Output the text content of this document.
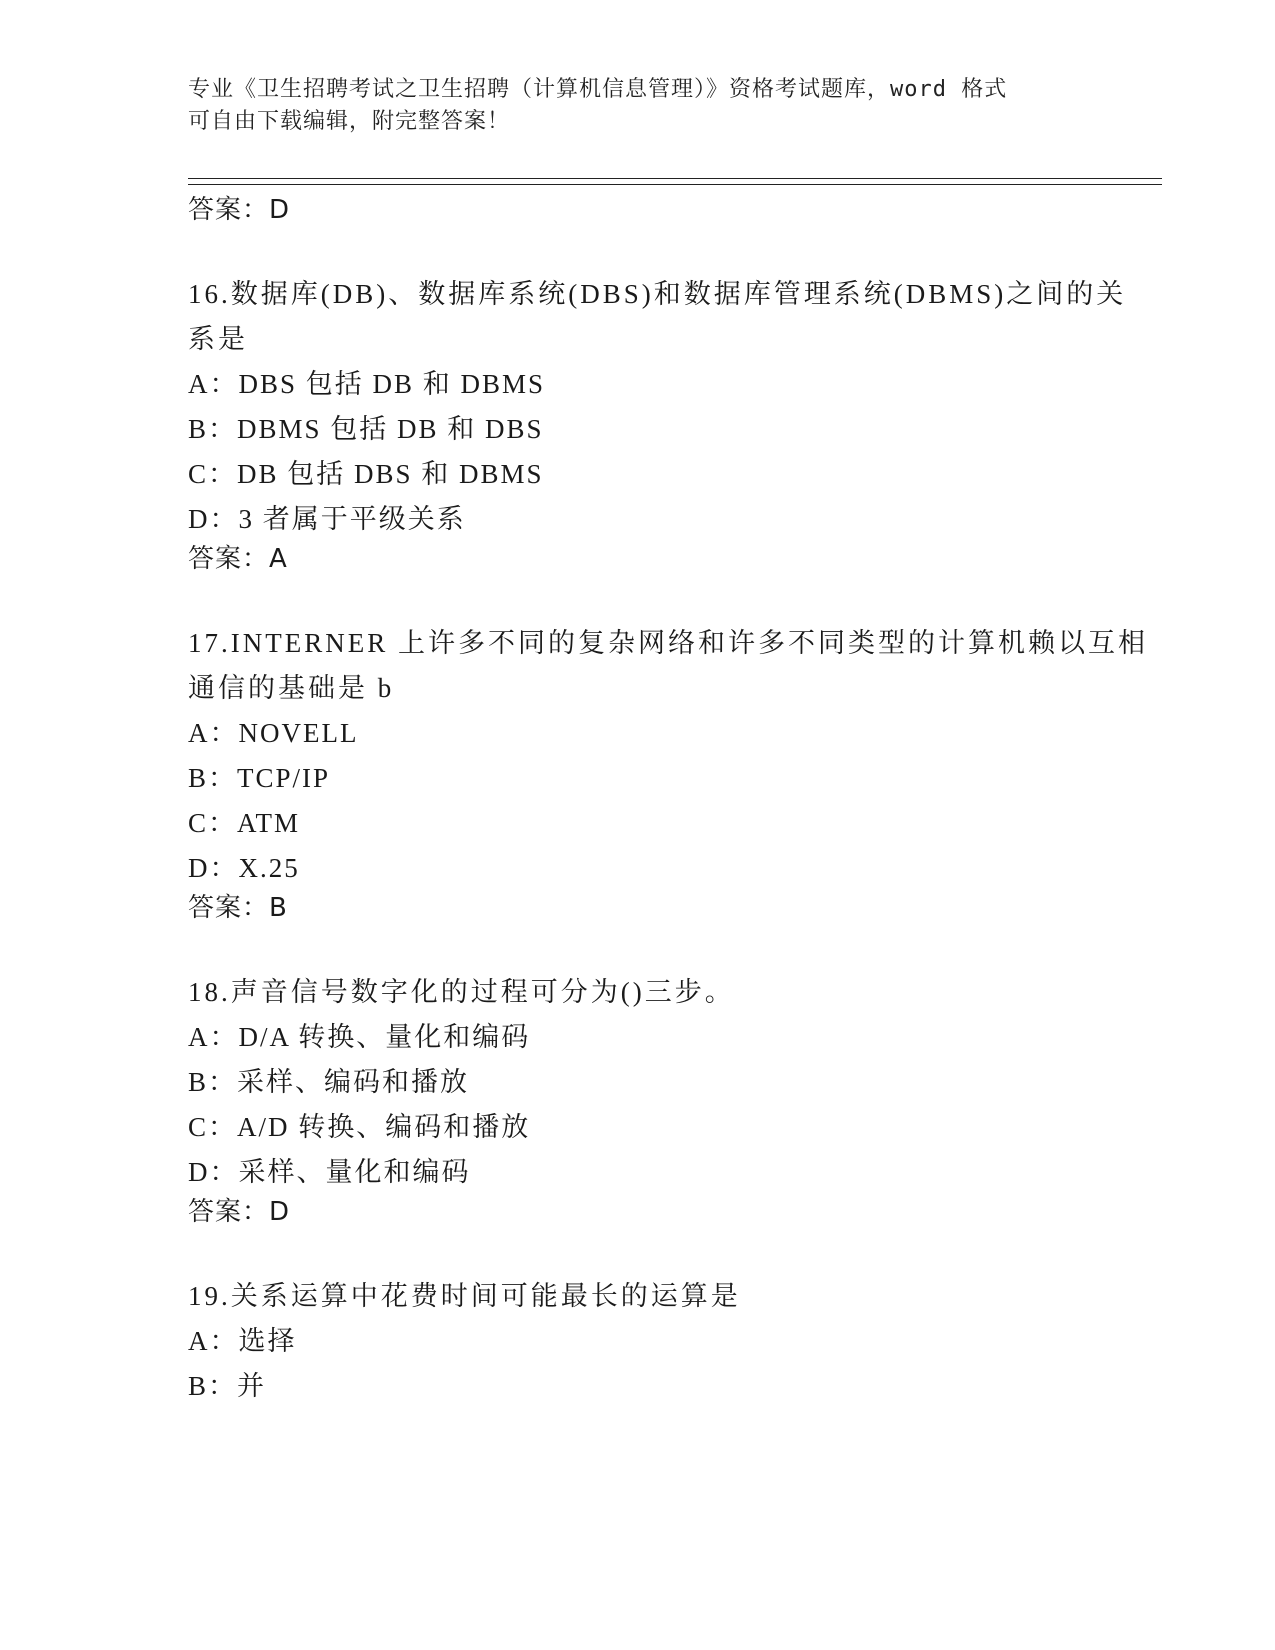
专业《卫生招聘考试之卫生招聘（计算机信息管理）》资格考试题库，word 格式
可自由下载编辑，附完整答案！
答案：D
16.数据库(DB)、数据库系统(DBS)和数据库管理系统(DBMS)之间的关
系是
A：DBS 包括 DB 和 DBMS
B：DBMS 包括 DB 和 DBS
C：DB 包括 DBS 和 DBMS
D：3 者属于平级关系
答案：A
17.INTERNER 上许多不同的复杂网络和许多不同类型的计算机赖以互相
通信的基础是 b
A：NOVELL
B：TCP/IP
C：ATM
D：X.25
答案：B
18.声音信号数字化的过程可分为()三步。
A：D/A 转换、量化和编码
B：采样、编码和播放
C：A/D 转换、编码和播放
D：采样、量化和编码
答案：D
19.关系运算中花费时间可能最长的运算是
A：选择
B：并
